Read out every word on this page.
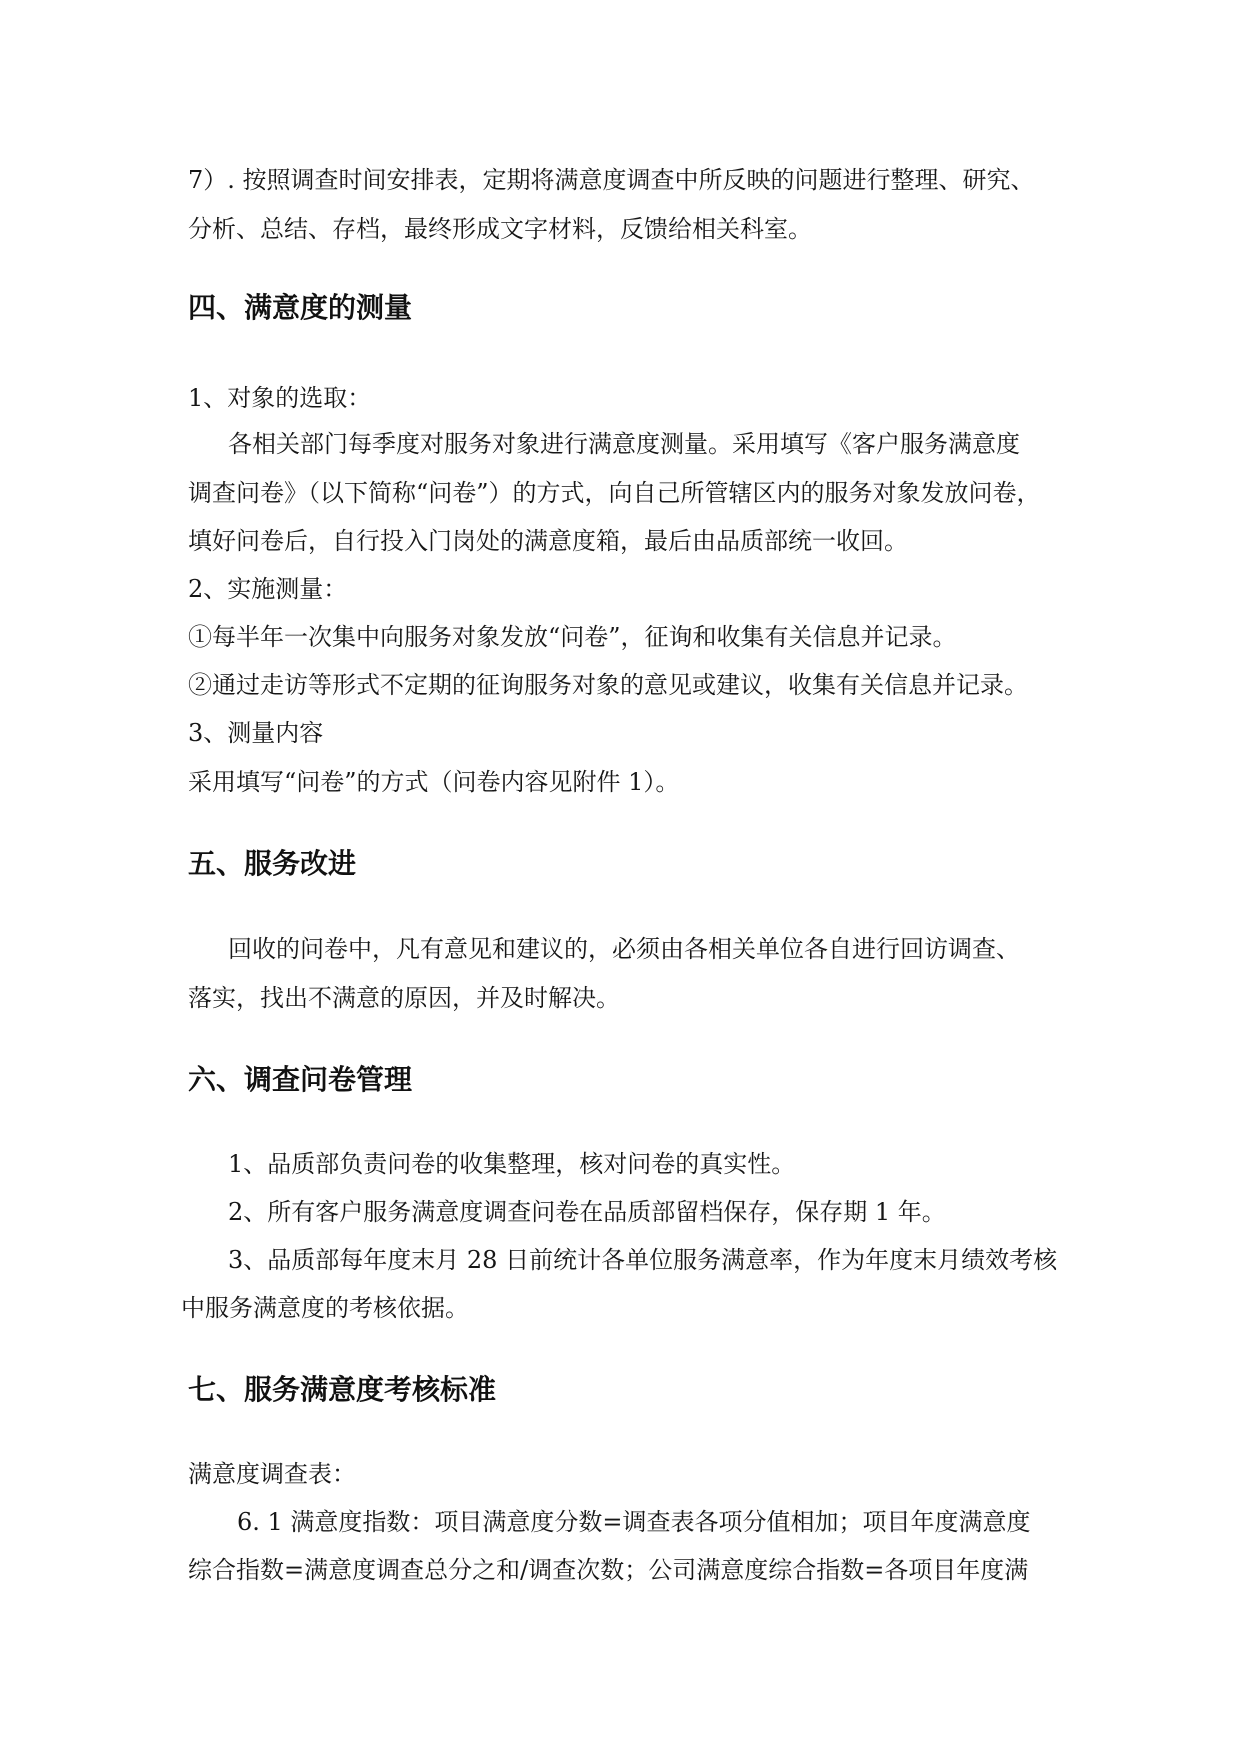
7）. 按照调查时间安排表，定期将满意度调查中所反映的问题进行整理、研究、
分析、总结、存档，最终形成文字材料，反馈给相关科室。
四、满意度的测量
1、对象的选取：
各相关部门每季度对服务对象进行满意度测量。采用填写《客户服务满意度
调查问卷》（以下简称“问卷”）的方式，向自己所管辖区内的服务对象发放问卷，
填好问卷后，自行投入门岗处的满意度箱，最后由品质部统一收回。
2、实施测量：
①每半年一次集中向服务对象发放“问卷”，征询和收集有关信息并记录。
②通过走访等形式不定期的征询服务对象的意见或建议，收集有关信息并记录。
3、测量内容
采用填写“问卷”的方式（问卷内容见附件 1）。
五、服务改进
回收的问卷中，凡有意见和建议的，必须由各相关单位各自进行回访调查、
落实，找出不满意的原因，并及时解决。
六、调查问卷管理
1、品质部负责问卷的收集整理，核对问卷的真实性。
2、所有客户服务满意度调查问卷在品质部留档保存，保存期 1 年。
3、品质部每年度末月 28 日前统计各单位服务满意率，作为年度末月绩效考核
中服务满意度的考核依据。
七、服务满意度考核标准
满意度调查表：
6. 1 满意度指数：项目满意度分数=调查表各项分值相加；项目年度满意度
综合指数=满意度调查总分之和/调查次数；公司满意度综合指数=各项目年度满
